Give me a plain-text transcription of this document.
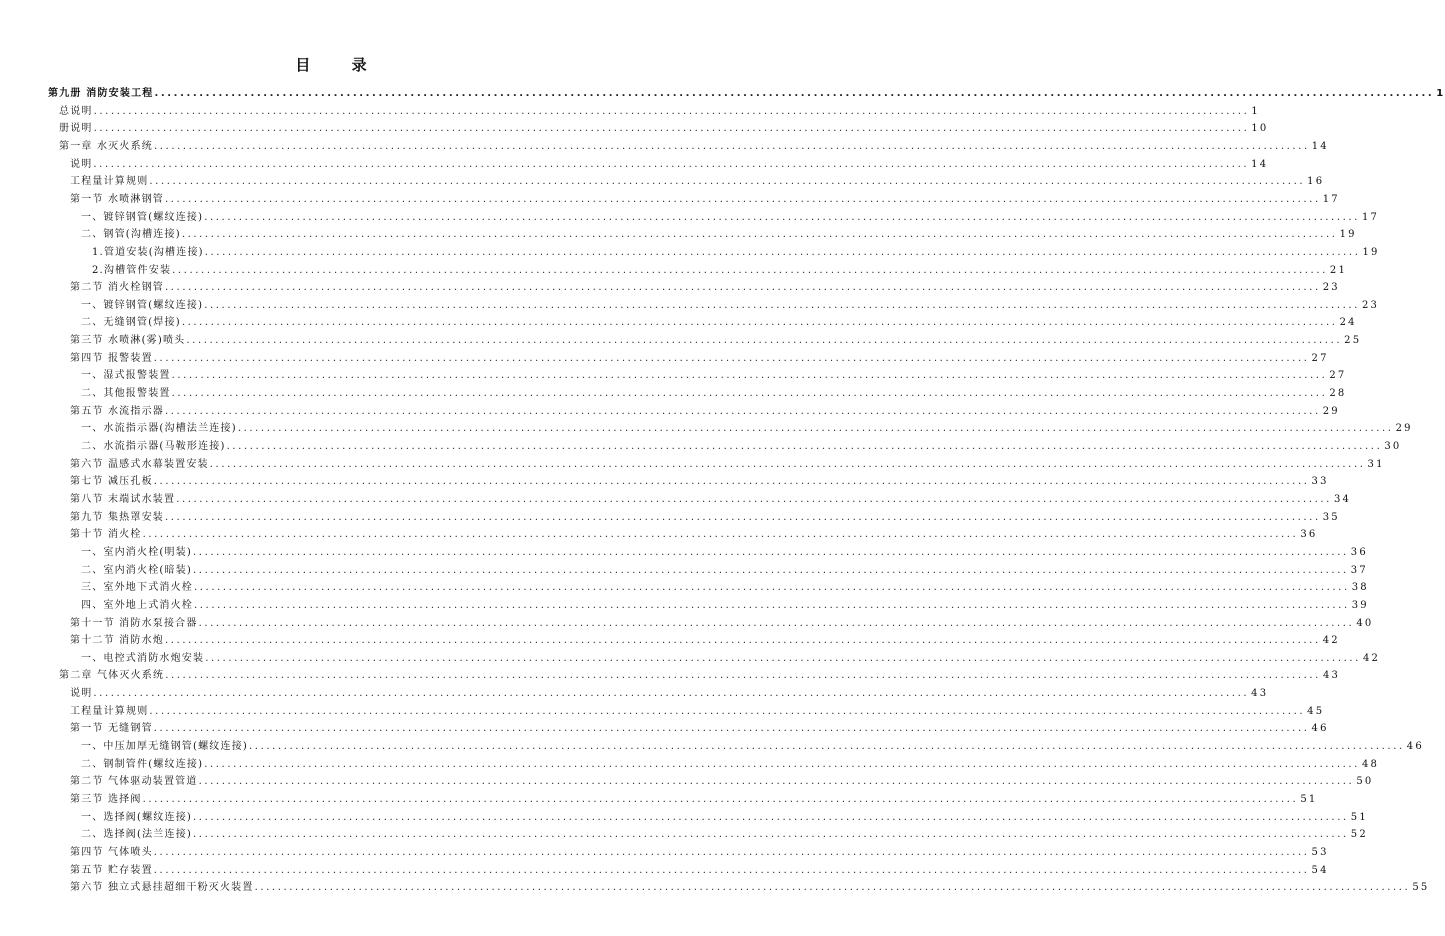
目 录
第九册 消防安装工程 ........................................................................................................................................................................................................ 1
总说明 ........................................................................................................................................................................................................ 1
册说明 ........................................................................................................................................................................................................ 10
第一章 水灭火系统 ........................................................................................................................................................................................................ 14
说明 ........................................................................................................................................................................................................ 14
工程量计算规则 ........................................................................................................................................................................................................ 16
第一节 水喷淋钢管 ........................................................................................................................................................................................................ 17
一、镀锌钢管(螺纹连接) ........................................................................................................................................................................................................ 17
二、钢管(沟槽连接) ........................................................................................................................................................................................................ 19
1.管道安装(沟槽连接) ........................................................................................................................................................................................................ 19
2.沟槽管件安装 ........................................................................................................................................................................................................ 21
第二节 消火栓钢管 ........................................................................................................................................................................................................ 23
一、镀锌钢管(螺纹连接) ........................................................................................................................................................................................................ 23
二、无缝钢管(焊接) ........................................................................................................................................................................................................ 24
第三节 水喷淋(雾)喷头 ........................................................................................................................................................................................................ 25
第四节 报警装置 ........................................................................................................................................................................................................ 27
一、湿式报警装置 ........................................................................................................................................................................................................ 27
二、其他报警装置 ........................................................................................................................................................................................................ 28
第五节 水流指示器 ........................................................................................................................................................................................................ 29
一、水流指示器(沟槽法兰连接) ........................................................................................................................................................................................................ 29
二、水流指示器(马鞍形连接) ........................................................................................................................................................................................................ 30
第六节 温感式水幕装置安装 ........................................................................................................................................................................................................ 31
第七节 减压孔板 ........................................................................................................................................................................................................ 33
第八节 末端试水装置 ........................................................................................................................................................................................................ 34
第九节 集热罩安装 ........................................................................................................................................................................................................ 35
第十节 消火栓 ........................................................................................................................................................................................................ 36
一、室内消火栓(明装) ........................................................................................................................................................................................................ 36
二、室内消火栓(暗装) ........................................................................................................................................................................................................ 37
三、室外地下式消火栓 ........................................................................................................................................................................................................ 38
四、室外地上式消火栓 ........................................................................................................................................................................................................ 39
第十一节 消防水泵接合器 ........................................................................................................................................................................................................ 40
第十二节 消防水炮 ........................................................................................................................................................................................................ 42
一、电控式消防水炮安装 ........................................................................................................................................................................................................ 42
第二章 气体灭火系统 ........................................................................................................................................................................................................ 43
说明 ........................................................................................................................................................................................................ 43
工程量计算规则 ........................................................................................................................................................................................................ 45
第一节 无缝钢管 ........................................................................................................................................................................................................ 46
一、中压加厚无缝钢管(螺纹连接) ........................................................................................................................................................................................................ 46
二、钢制管件(螺纹连接) ........................................................................................................................................................................................................ 48
第二节 气体驱动装置管道 ........................................................................................................................................................................................................ 50
第三节 选择阀 ........................................................................................................................................................................................................ 51
一、选择阀(螺纹连接) ........................................................................................................................................................................................................ 51
二、选择阀(法兰连接) ........................................................................................................................................................................................................ 52
第四节 气体喷头 ........................................................................................................................................................................................................ 53
第五节 贮存装置 ........................................................................................................................................................................................................ 54
第六节 独立式悬挂超细干粉灭火装置 ........................................................................................................................................................................................................ 55
